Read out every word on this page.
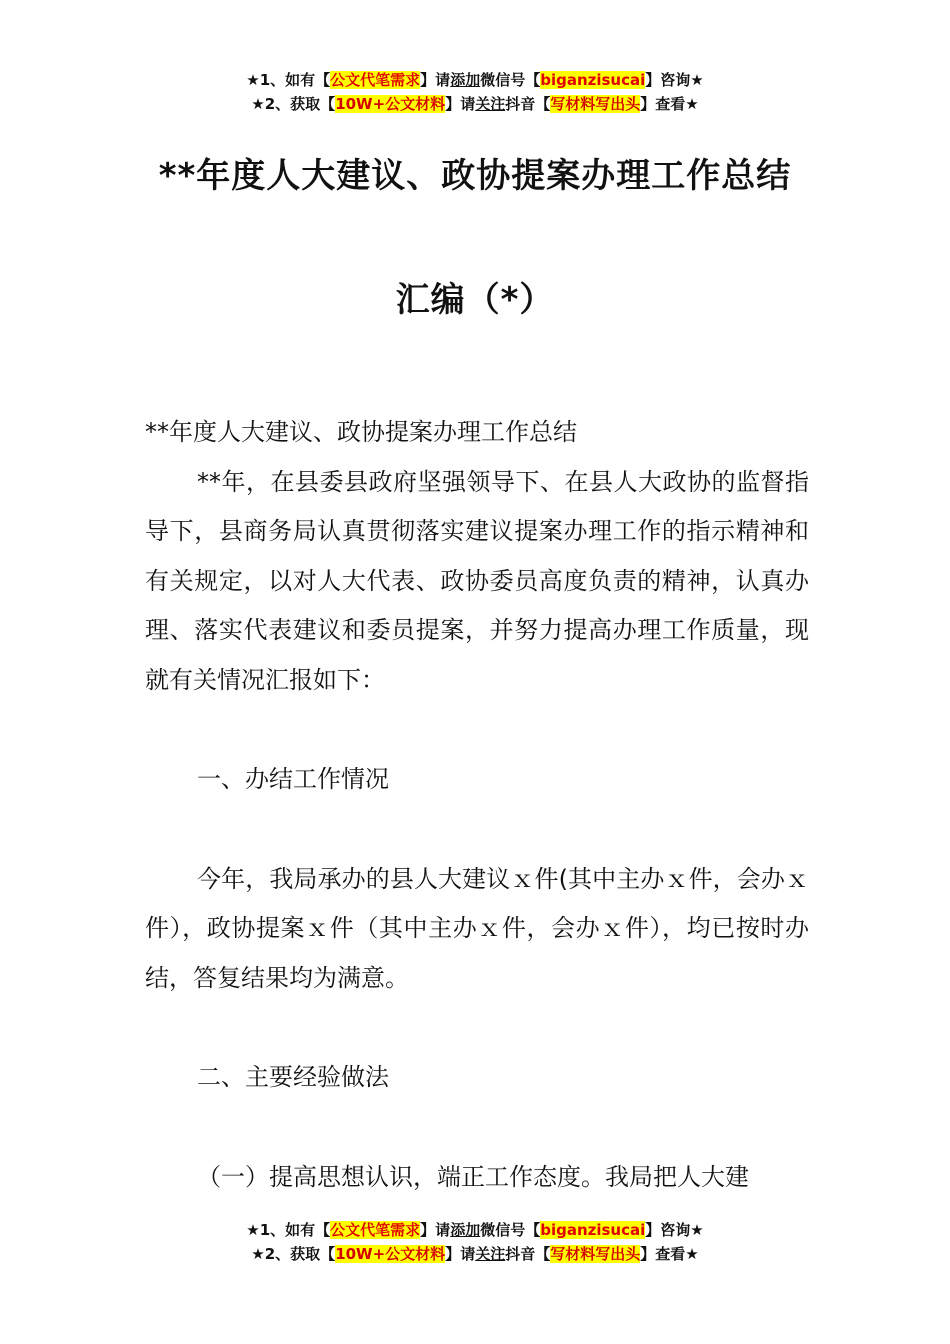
★1、如有【公文代笔需求】请添加微信号【biganzisucai】咨询★
★2、获取【10W+公文材料】请关注抖音【写材料写出头】查看★
**年度人大建议、政协提案办理工作总结
汇编（*）

**年度人大建议、政协提案办理工作总结

**年，在县委县政府坚强领导下、在县人大政协的监督指导下，县商务局认真贯彻落实建议提案办理工作的指示精神和有关规定，以对人大代表、政协委员高度负责的精神，认真办理、落实代表建议和委员提案，并努力提高办理工作质量，现就有关情况汇报如下：

一、办结工作情况

今年，我局承办的县人大建议ｘ件(其中主办ｘ件，会办ｘ件），政协提案ｘ件（其中主办ｘ件，会办ｘ件），均已按时办结，答复结果均为满意。

二、主要经验做法

（一）提高思想认识，端正工作态度。我局把人大建

★1、如有【公文代笔需求】请添加微信号【biganzisucai】咨询★
★2、获取【10W+公文材料】请关注抖音【写材料写出头】查看★
